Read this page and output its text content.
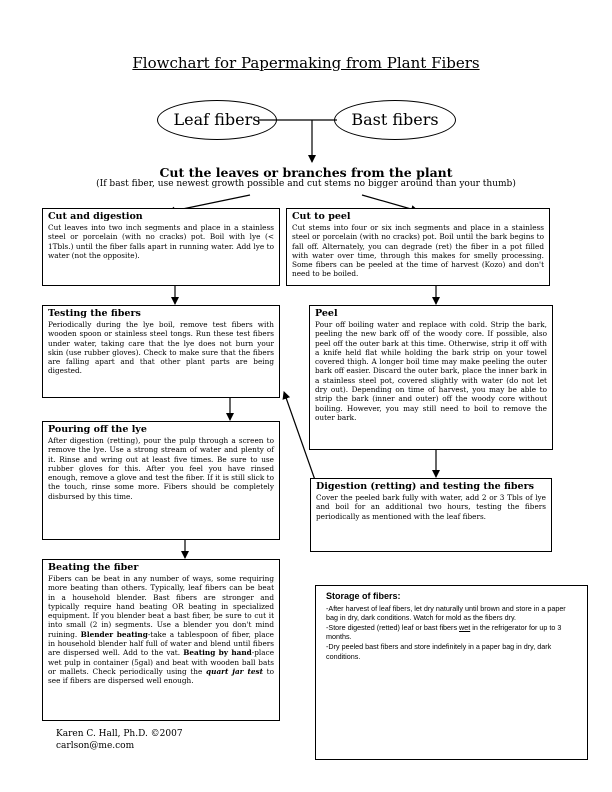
Flowchart for Papermaking from Plant Fibers
Leaf fibers	Bast fibers
Cut the leaves or branches from the plant
(If bast fiber, use newest growth possible and cut stems no bigger around than your thumb)
Cut and digestion

Cut leaves into two inch segments and place in a stainless steel or porcelain (with no cracks) pot. Boil with lye (< 1Tbls.) until the fiber falls apart in running water. Add lye to water (not the opposite).

Cut to peel

Cut stems into four or six inch segments and place in a stainless steel or porcelain (with no cracks) pot. Boil until the bark begins to fall off. Alternately, you can degrade (ret) the fiber in a pot filled with water over time, through this makes for smelly processing. Some fibers can be peeled at the time of harvest (Kozo) and don't need to be boiled.

Testing the fibers

Periodically during the lye boil, remove test fibers with wooden spoon or stainless steel tongs. Run these test fibers under water, taking care that the lye does not burn your skin (use rubber gloves). Check to make sure that the fibers are falling apart and that other plant parts are being digested.

Peel

Pour off boiling water and replace with cold. Strip the bark, peeling the new bark off of the woody core. If possible, also peel off the outer bark at this time. Otherwise, strip it off with a knife held flat while holding the bark strip on your towel covered thigh. A longer boil time may make peeling the outer bark off easier. Discard the outer bark, place the inner bark in a stainless steel pot, covered slightly with water (do not let dry out). Depending on time of harvest, you may be able to strip the bark (inner and outer) off the woody core without boiling. However, you may still need to boil to remove the outer bark.

Pouring off the lye

After digestion (retting), pour the pulp through a screen to remove the lye. Use a strong stream of water and plenty of it. Rinse and wring out at least five times. Be sure to use rubber gloves for this. After you feel you have rinsed enough, remove a glove and test the fiber. If it is still slick to the touch, rinse some more. Fibers should be completely disbursed by this time.

Digestion (retting) and testing the fibers

Cover the peeled bark fully with water, add 2 or 3 Tbls of lye and boil for an additional two hours, testing the fibers periodically as mentioned with the leaf fibers.

Beating the fiber

Fibers can be beat in any number of ways, some requiring more beating than others. Typically, leaf fibers can be beat in a household blender. Bast fibers are stronger and typically require hand beating OR beating in specialized equipment. If you blender beat a bast fiber, be sure to cut it into small (2 in) segments. Use a blender you don't mind ruining. Blender beating-take a tablespoon of fiber, place in household blender half full of water and blend until fibers are dispersed well. Add to the vat. Beating by hand-place wet pulp in container (5gal) and beat with wooden ball bats or mallets. Check periodically using the quart jar test to see if fibers are dispersed well enough.

Storage of fibers:

-After harvest of leaf fibers, let dry naturally until brown and store in a paper bag in dry, dark conditions. Watch for mold as the fibers dry.

-Store digested (retted) leaf or bast fibers wet in the refrigerator for up to 3 months.

-Dry peeled bast fibers and store indefinitely in a paper bag in dry, dark conditions.

Karen C. Hall, Ph.D. ©2007
carlson@me.com
